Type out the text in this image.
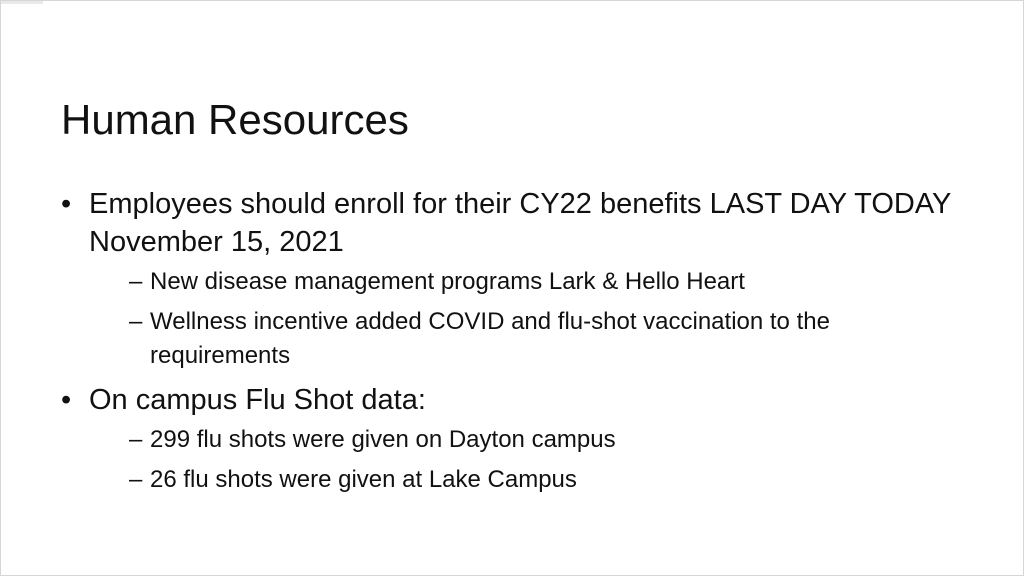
Human Resources
• Employees should enroll for their CY22 benefits LAST DAY TODAY November 15, 2021
– New disease management programs Lark & Hello Heart
– Wellness incentive added COVID and flu-shot vaccination to the requirements
• On campus Flu Shot data:
– 299 flu shots were given on Dayton campus
– 26 flu shots were given at Lake Campus
